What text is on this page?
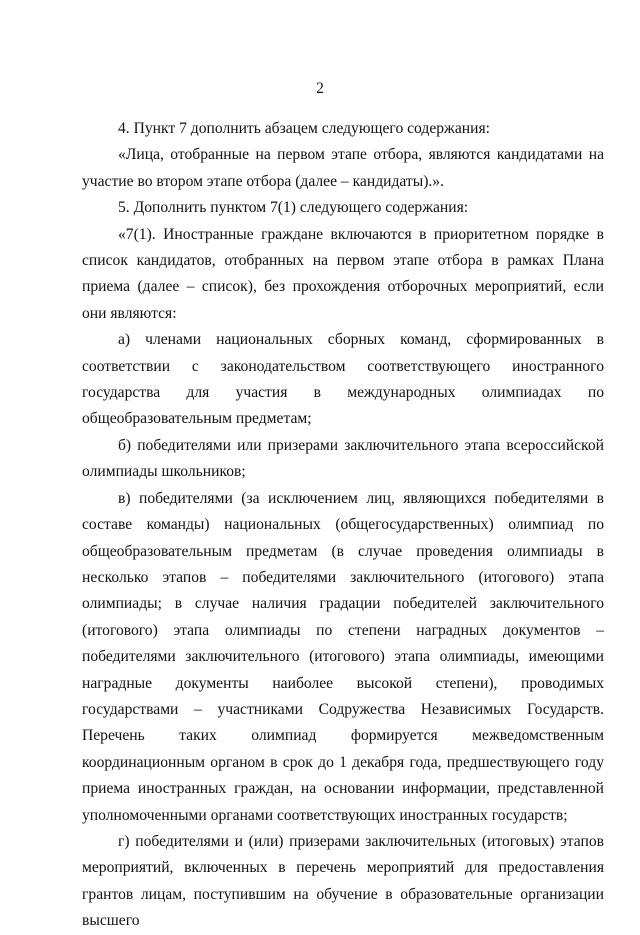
2

4. Пункт 7 дополнить абзацем следующего содержания:

«Лица, отобранные на первом этапе отбора, являются кандидатами на участие во втором этапе отбора (далее – кандидаты).».

5. Дополнить пунктом 7(1) следующего содержания:

«7(1). Иностранные граждане включаются в приоритетном порядке в список кандидатов, отобранных на первом этапе отбора в рамках Плана приема (далее – список), без прохождения отборочных мероприятий, если они являются:

а) членами национальных сборных команд, сформированных в соответствии с законодательством соответствующего иностранного государства для участия в международных олимпиадах по общеобразовательным предметам;

б) победителями или призерами заключительного этапа всероссийской олимпиады школьников;

в) победителями (за исключением лиц, являющихся победителями в составе команды) национальных (общегосударственных) олимпиад по общеобразовательным предметам (в случае проведения олимпиады в несколько этапов – победителями заключительного (итогового) этапа олимпиады; в случае наличия градации победителей заключительного (итогового) этапа олимпиады по степени наградных документов – победителями заключительного (итогового) этапа олимпиады, имеющими наградные документы наиболее высокой степени), проводимых государствами – участниками Содружества Независимых Государств. Перечень таких олимпиад формируется межведомственным координационным органом в срок до 1 декабря года, предшествующего году приема иностранных граждан, на основании информации, представленной уполномоченными органами соответствующих иностранных государств;

г) победителями и (или) призерами заключительных (итоговых) этапов мероприятий, включенных в перечень мероприятий для предоставления грантов лицам, поступившим на обучение в образовательные организации высшего
